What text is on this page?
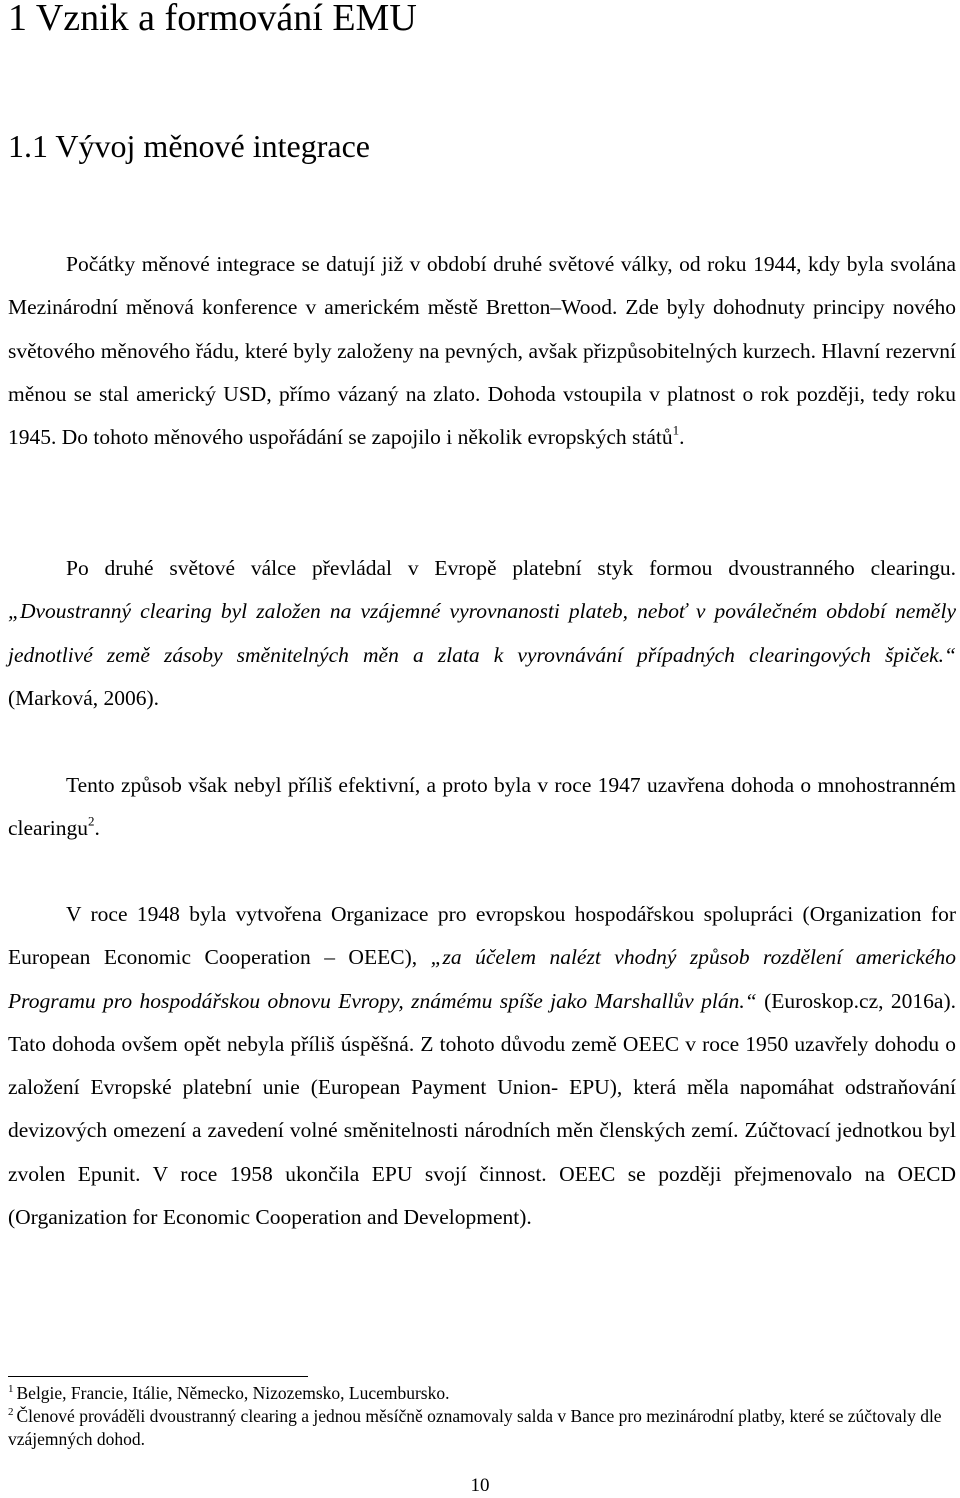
1 Vznik a formování EMU
1.1 Vývoj měnové integrace

Počátky měnové integrace se datují již v období druhé světové války, od roku 1944, kdy byla svolána Mezinárodní měnová konference v americkém městě Bretton–Wood. Zde byly dohodnuty principy nového světového měnového řádu, které byly založeny na pevných, avšak přizpůsobitelných kurzech. Hlavní rezervní měnou se stal americký USD, přímo vázaný na zlato. Dohoda vstoupila v platnost o rok později, tedy roku 1945. Do tohoto měnového uspořádání se zapojilo i několik evropských států$^1$.

Po druhé světové válce převládal v Evropě platební styk formou dvoustranného clearingu. „Dvoustranný clearing byl založen na vzájemné vyrovnanosti plateb, neboť v poválečném období neměly jednotlivé země zásoby směnitelných měn a zlata k vyrovnávání případných clearingových špiček.“ (Marková, 2006).

Tento způsob však nebyl příliš efektivní, a proto byla v roce 1947 uzavřena dohoda o mnohostranném clearingu$^2$.

V roce 1948 byla vytvořena Organizace pro evropskou hospodářskou spolupráci (Organization for European Economic Cooperation – OEEC), „za účelem nalézt vhodný způsob rozdělení amerického Programu pro hospodářskou obnovu Evropy, známému spíše jako Marshallův plán.“ (Euroskop.cz, 2016a). Tato dohoda ovšem opět nebyla příliš úspěšná. Z tohoto důvodu země OEEC v roce 1950 uzavřely dohodu o založení Evropské platební unie (European Payment Union- EPU), která měla napomáhat odstraňování devizových omezení a zavedení volné směnitelnosti národních měn členských zemí. Zúčtovací jednotkou byl zvolen Epunit. V roce 1958 ukončila EPU svojí činnost. OEEC se později přejmenovalo na OECD (Organization for Economic Cooperation and Development).

$^1$ Belgie, Francie, Itálie, Německo, Nizozemsko, Lucembursko.

$^2$ Členové prováděli dvoustranný clearing a jednou měsíčně oznamovaly salda v Bance pro mezinárodní platby, které se zúčtovaly dle vzájemných dohod.

10
